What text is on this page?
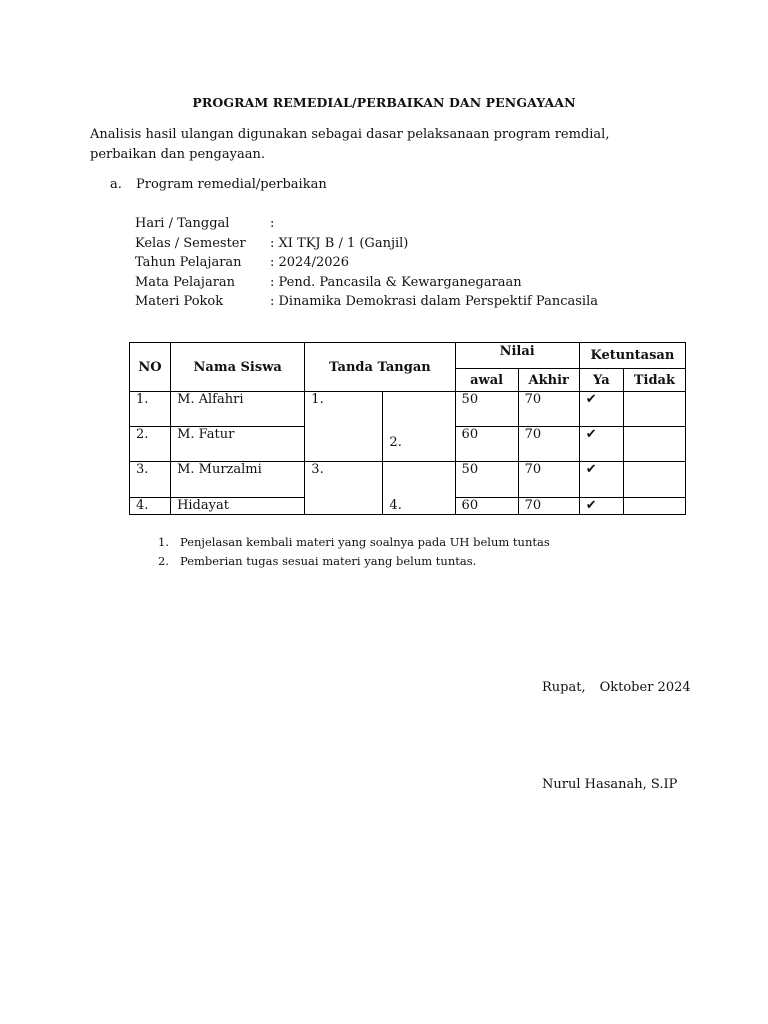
PROGRAM REMEDIAL/PERBAIKAN DAN PENGAYAAN
Analisis hasil ulangan digunakan sebagai dasar pelaksanaan program remdial, perbaikan dan pengayaan.
a. Program remedial/perbaikan
Hari / Tanggal	:
Kelas / Semester	: XI TKJ B / 1 (Ganjil)
Tahun Pelajaran	: 2024/2026
Mata Pelajaran	: Pend. Pancasila & Kewarganegaraan
Materi Pokok	: Dinamika Demokrasi dalam Perspektif Pancasila
NO	Nama Siswa	Tanda Tangan		Nilai		Ketuntasan	
				awal	Akhir	Ya	Tidak
1.	M. Alfahri	1.	2.	50	70	✔	
2.	M. Fatur			60	70	✔	
3.	M. Murzalmi	3.	4.	50	70	✔	
4.	Hidayat			60	70	✔	
1. Penjelasan kembali materi yang soalnya pada UH belum tuntas
2. Pemberian tugas sesuai materi yang belum tuntas.
Rupat, Oktober 2024
Nurul Hasanah, S.IP
